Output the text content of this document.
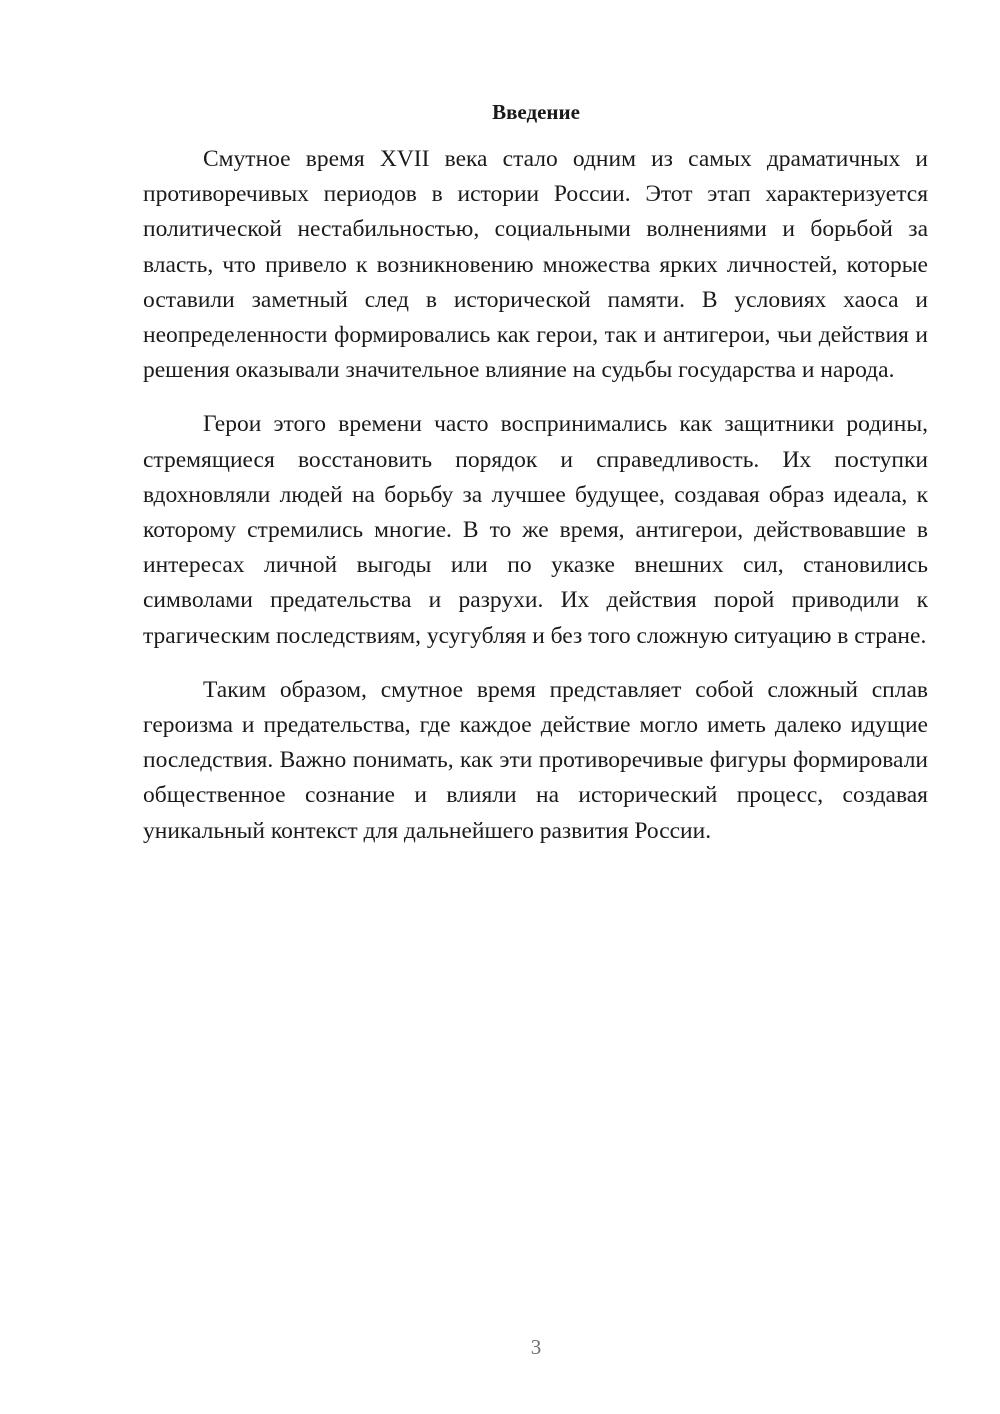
Введение

Смутное время XVII века стало одним из самых драматичных и противоречивых периодов в истории России. Этот этап характеризуется политической нестабильностью, социальными волнениями и борьбой за власть, что привело к возникновению множества ярких личностей, которые оставили заметный след в исторической памяти. В условиях хаоса и неопределенности формировались как герои, так и антигерои, чьи действия и решения оказывали значительное влияние на судьбы государства и народа.

Герои этого времени часто воспринимались как защитники родины, стремящиеся восстановить порядок и справедливость. Их поступки вдохновляли людей на борьбу за лучшее будущее, создавая образ идеала, к которому стремились многие. В то же время, антигерои, действовавшие в интересах личной выгоды или по указке внешних сил, становились символами предательства и разрухи. Их действия порой приводили к трагическим последствиям, усугубляя и без того сложную ситуацию в стране.

Таким образом, смутное время представляет собой сложный сплав героизма и предательства, где каждое действие могло иметь далеко идущие последствия. Важно понимать, как эти противоречивые фигуры формировали общественное сознание и влияли на исторический процесс, создавая уникальный контекст для дальнейшего развития России.

3
